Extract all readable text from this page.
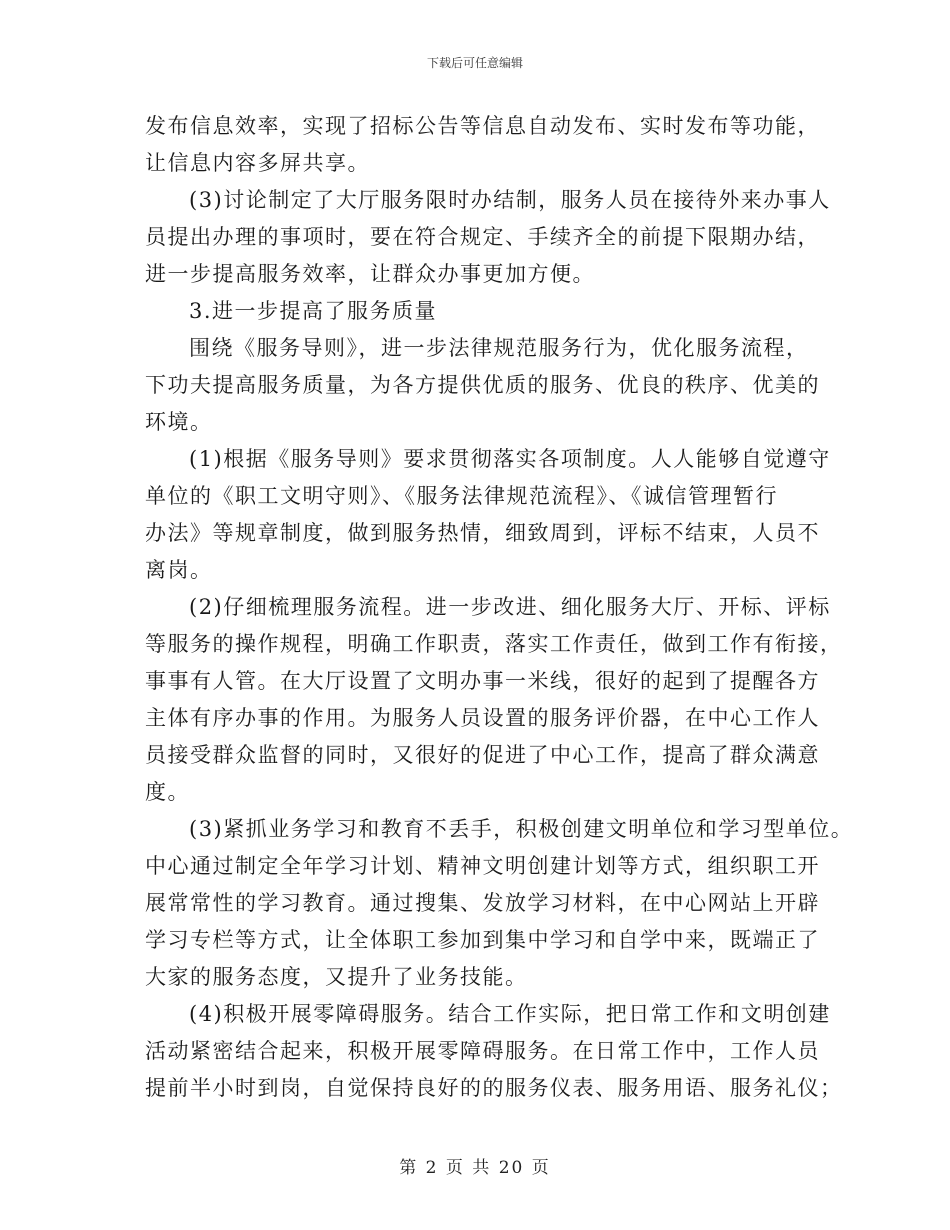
下载后可任意编辑
发布信息效率，实现了招标公告等信息自动发布、实时发布等功能，
让信息内容多屏共享。
(3)讨论制定了大厅服务限时办结制，服务人员在接待外来办事人
员提出办理的事项时，要在符合规定、手续齐全的前提下限期办结，
进一步提高服务效率，让群众办事更加方便。
3.进一步提高了服务质量
围绕《服务导则》，进一步法律规范服务行为，优化服务流程，
下功夫提高服务质量，为各方提供优质的服务、优良的秩序、优美的
环境。
(1)根据《服务导则》要求贯彻落实各项制度。人人能够自觉遵守
单位的《职工文明守则》、《服务法律规范流程》、《诚信管理暂行
办法》等规章制度，做到服务热情，细致周到，评标不结束，人员不
离岗。
(2)仔细梳理服务流程。进一步改进、细化服务大厅、开标、评标
等服务的操作规程，明确工作职责，落实工作责任，做到工作有衔接，
事事有人管。在大厅设置了文明办事一米线，很好的起到了提醒各方
主体有序办事的作用。为服务人员设置的服务评价器，在中心工作人
员接受群众监督的同时，又很好的促进了中心工作，提高了群众满意
度。
(3)紧抓业务学习和教育不丢手，积极创建文明单位和学习型单位。
中心通过制定全年学习计划、精神文明创建计划等方式，组织职工开
展常常性的学习教育。通过搜集、发放学习材料，在中心网站上开辟
学习专栏等方式，让全体职工参加到集中学习和自学中来，既端正了
大家的服务态度，又提升了业务技能。
(4)积极开展零障碍服务。结合工作实际，把日常工作和文明创建
活动紧密结合起来，积极开展零障碍服务。在日常工作中，工作人员
提前半小时到岗，自觉保持良好的的服务仪表、服务用语、服务礼仪；
第 2 页 共 20 页
